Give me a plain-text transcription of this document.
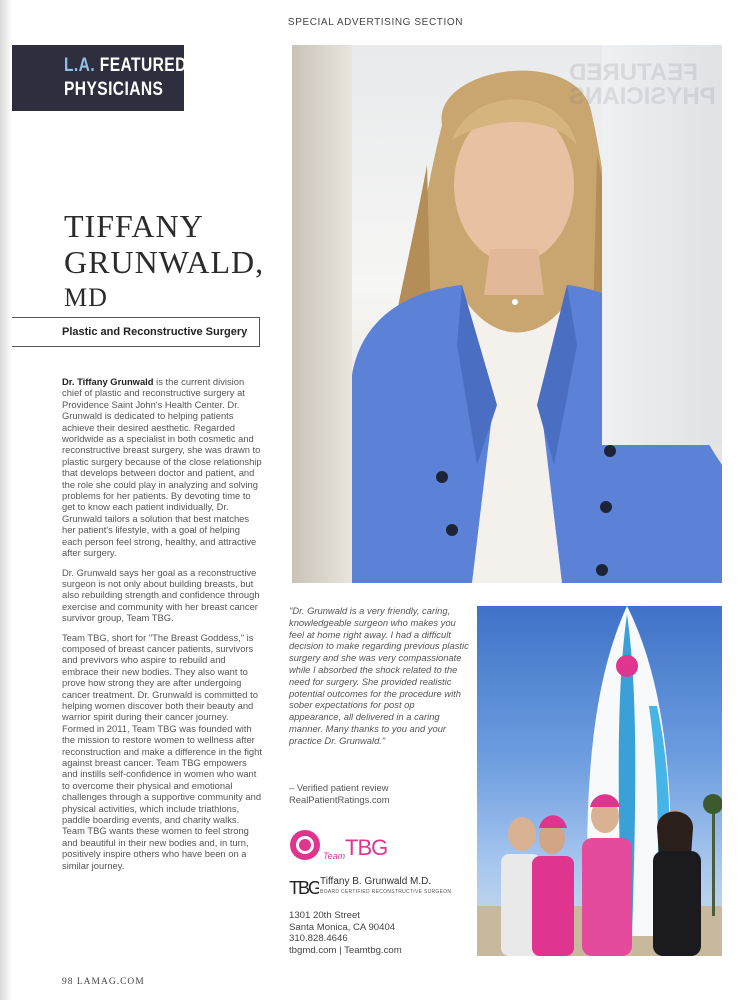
SPECIAL ADVERTISING SECTION
L.A. FEATURED
PHYSICIANS
TIFFANY
GRUNWALD,
MD
Plastic and Reconstructive Surgery

Dr. Tiffany Grunwald is the current division chief of plastic and reconstructive surgery at Providence Saint John's Health Center. Dr. Grunwald is dedicated to helping patients achieve their desired aesthetic. Regarded worldwide as a specialist in both cosmetic and reconstructive breast surgery, she was drawn to plastic surgery because of the close relationship that develops between doctor and patient, and the role she could play in analyzing and solving problems for her patients. By devoting time to get to know each patient individually, Dr. Grunwald tailors a solution that best matches her patient's lifestyle, with a goal of helping each person feel strong, healthy, and attractive after surgery.

Dr. Grunwald says her goal as a reconstructive surgeon is not only about building breasts, but also rebuilding strength and confidence through exercise and community with her breast cancer survivor group, Team TBG.

Team TBG, short for "The Breast Goddess," is composed of breast cancer patients, survivors and previvors who aspire to rebuild and embrace their new bodies. They also want to prove how strong they are after undergoing cancer treatment. Dr. Grunwald is committed to helping women discover both their beauty and warrior spirit during their cancer journey. Formed in 2011, Team TBG was founded with the mission to restore women to wellness after reconstruction and make a difference in the fight against breast cancer. Team TBG empowers and instills self-confidence in women who want to overcome their physical and emotional challenges through a supportive community and physical activities, which include triathlons, paddle boarding events, and charity walks. Team TBG wants these women to feel strong and beautiful in their new bodies and, in turn, positively inspire others who have been on a similar journey.

FEATURED
PHYSICIANS
"Dr. Grunwald is a very friendly, caring, knowledgeable surgeon who makes you feel at home right away. I had a difficult decision to make regarding previous plastic surgery and she was very compassionate while I absorbed the shock related to the need for surgery. She provided realistic potential outcomes for the procedure with sober expectations for post op appearance, all delivered in a caring manner. Many thanks to you and your practice Dr. Grunwald."
– Verified patient review
RealPatientRatings.com
Team TBG
TBG Tiffany B. Grunwald M.D.
BOARD CERTIFIED RECONSTRUCTIVE SURGEON
1301 20th Street
Santa Monica, CA 90404
310.828.4646
tbgmd.com | Teamtbg.com
98 LAMAG.COM
